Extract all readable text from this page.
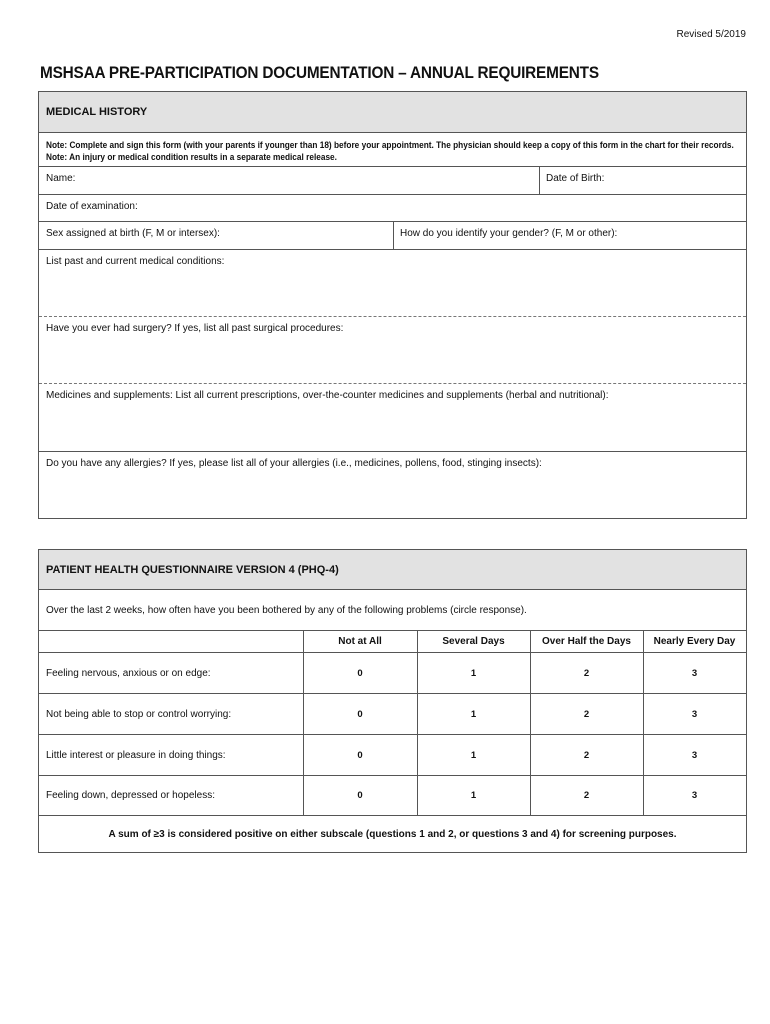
Revised 5/2019
MSHSAA PRE-PARTICIPATION DOCUMENTATION – ANNUAL REQUIREMENTS
MEDICAL HISTORY
Note: Complete and sign this form (with your parents if younger than 18) before your appointment. The physician should keep a copy of this form in the chart for their records.
Note: An injury or medical condition results in a separate medical release.
Name:	Date of Birth:
Date of examination:
Sex assigned at birth (F, M or intersex):	How do you identify your gender? (F, M or other):
List past and current medical conditions:
Have you ever had surgery? If yes, list all past surgical procedures:
Medicines and supplements: List all current prescriptions, over-the-counter medicines and supplements (herbal and nutritional):
Do you have any allergies? If yes, please list all of your allergies (i.e., medicines, pollens, food, stinging insects):
PATIENT HEALTH QUESTIONNAIRE VERSION 4 (PHQ-4)
Over the last 2 weeks, how often have you been bothered by any of the following problems (circle response).
Not at All	Several Days	Over Half the Days	Nearly Every Day
Feeling nervous, anxious or on edge:	0	1	2	3
Not being able to stop or control worrying:	0	1	2	3
Little interest or pleasure in doing things:	0	1	2	3
Feeling down, depressed or hopeless:	0	1	2	3
A sum of ≥3 is considered positive on either subscale (questions 1 and 2, or questions 3 and 4) for screening purposes.
